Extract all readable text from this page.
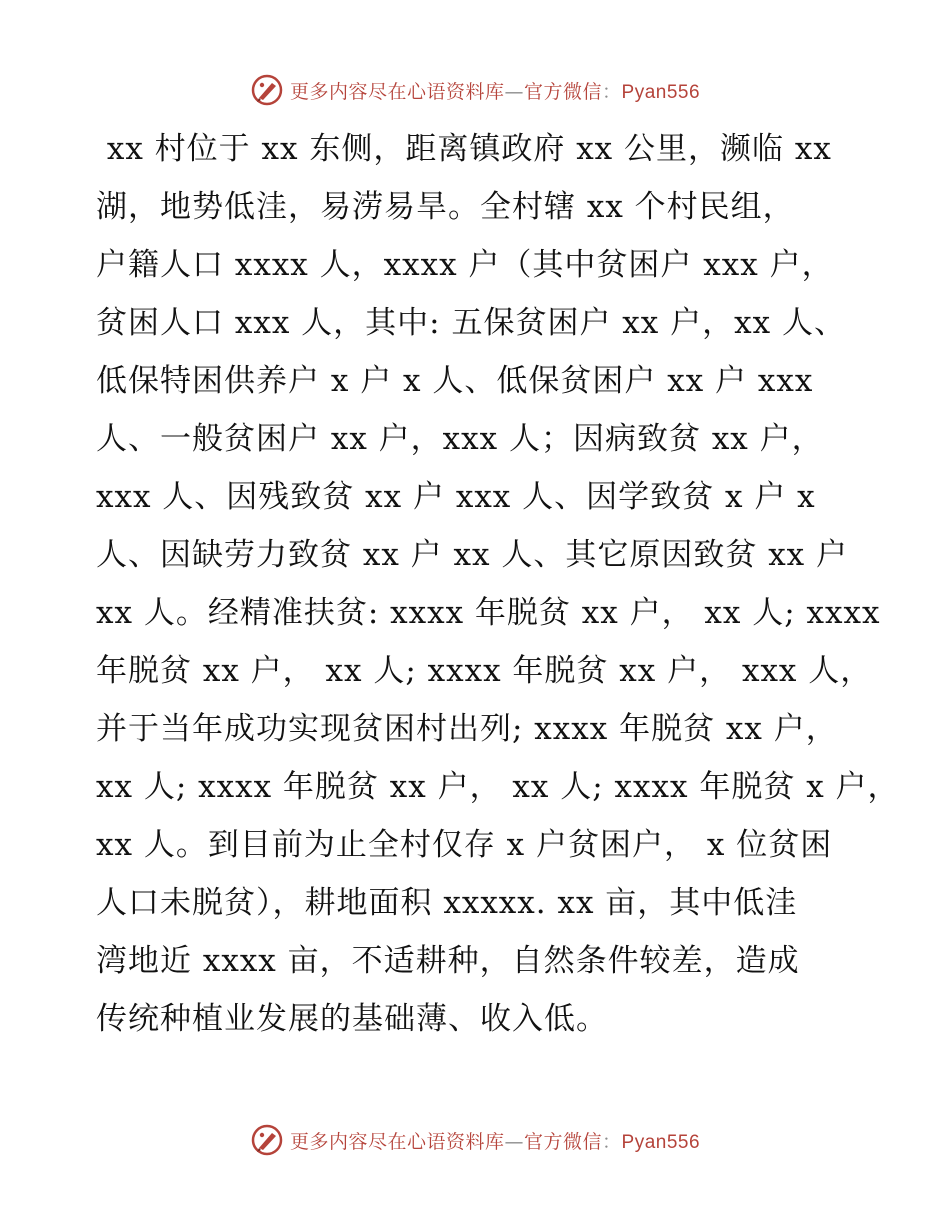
更多内容尽在心语资料库—官方微信：Pyan556
xx 村位于 xx 东侧，距离镇政府 xx 公里，濒临 xx
湖，地势低洼，易涝易旱。全村辖 xx 个村民组，
户籍人口 xxxx 人，xxxx 户（其中贫困户 xxx 户，
贫困人口 xxx 人，其中: 五保贫困户 xx 户，xx 人、
低保特困供养户 x 户 x 人、低保贫困户 xx 户 xxx
人、一般贫困户 xx 户，xxx 人；因病致贫 xx 户，
xxx 人、因残致贫 xx 户 xxx 人、因学致贫 x 户 x
人、因缺劳力致贫 xx 户 xx 人、其它原因致贫 xx 户
xx 人。经精准扶贫: xxxx 年脱贫 xx 户， xx 人; xxxx
年脱贫 xx 户， xx 人; xxxx 年脱贫 xx 户， xxx 人，
并于当年成功实现贫困村出列; xxxx 年脱贫 xx 户，
xx 人; xxxx 年脱贫 xx 户， xx 人; xxxx 年脱贫 x 户，
xx 人。到目前为止全村仅存 x 户贫困户， x 位贫困
人口未脱贫），耕地面积 xxxxx. xx 亩，其中低洼
湾地近 xxxx 亩，不适耕种，自然条件较差，造成
传统种植业发展的基础薄、收入低。
更多内容尽在心语资料库—官方微信：Pyan556
